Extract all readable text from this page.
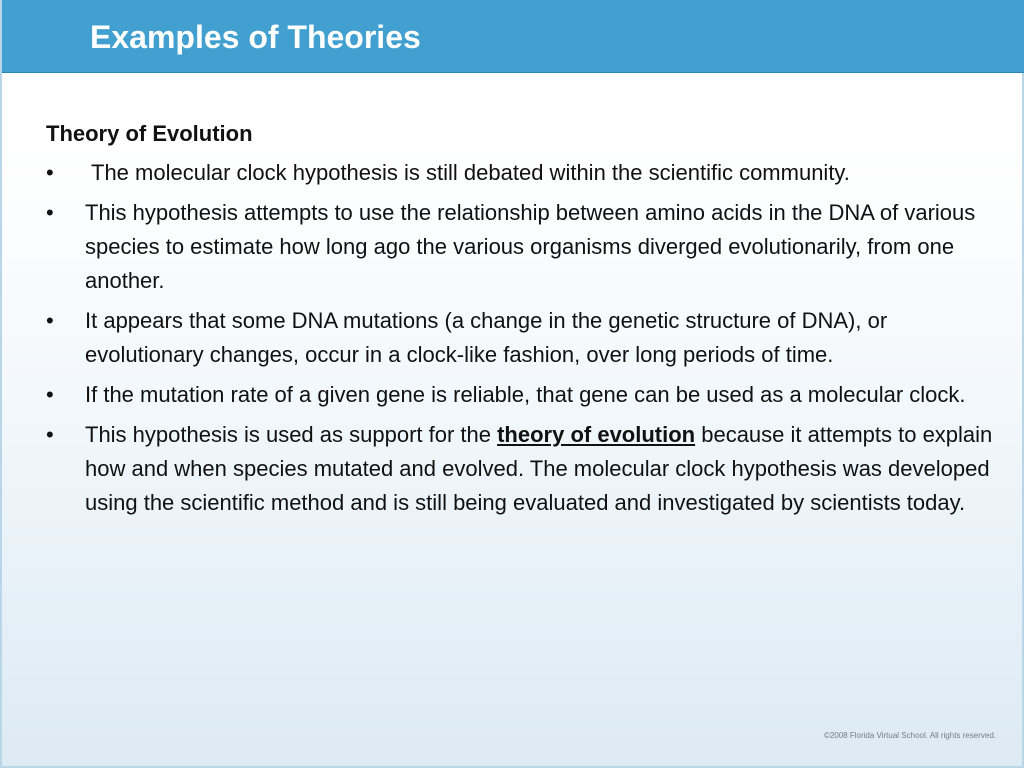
Examples of Theories
Theory of Evolution
• The molecular clock hypothesis is still debated within the scientific community.
• This hypothesis attempts to use the relationship between amino acids in the DNA of various species to estimate how long ago the various organisms diverged evolutionarily, from one another.
• It appears that some DNA mutations (a change in the genetic structure of DNA), or evolutionary changes, occur in a clock-like fashion, over long periods of time.
• If the mutation rate of a given gene is reliable, that gene can be used as a molecular clock.
• This hypothesis is used as support for the theory of evolution because it attempts to explain how and when species mutated and evolved. The molecular clock hypothesis was developed using the scientific method and is still being evaluated and investigated by scientists today.
©2008 Florida Virtual School. All rights reserved.
